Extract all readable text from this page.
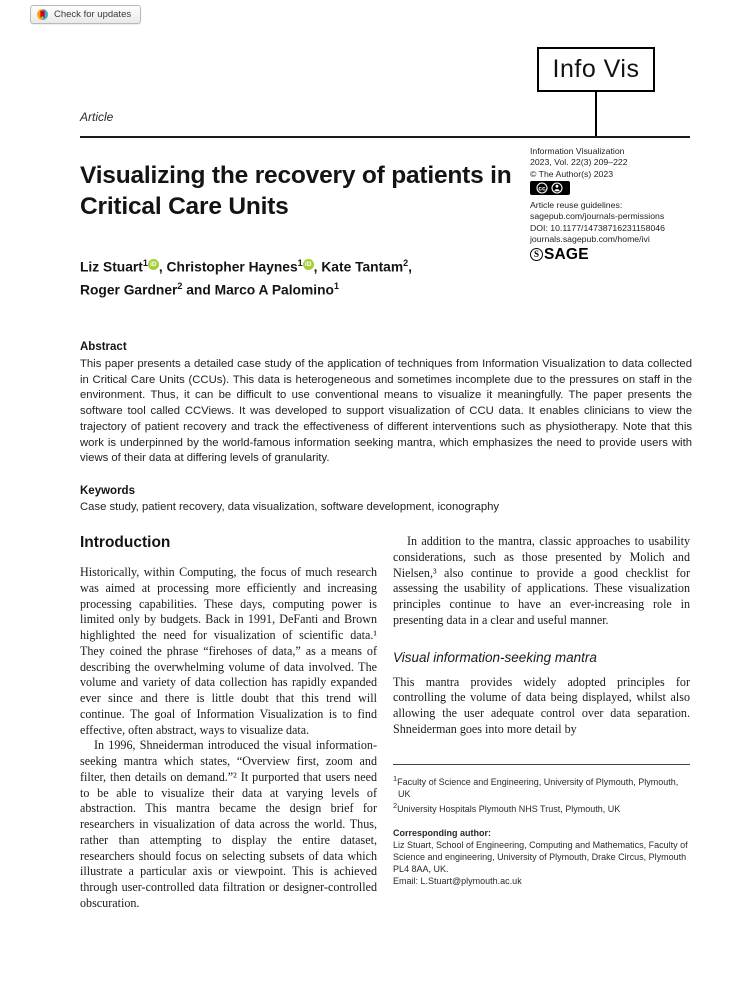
Check for updates
Info Vis
Article
Visualizing the recovery of patients in Critical Care Units
Information Visualization
2023, Vol. 22(3) 209–222
© The Author(s) 2023
cc
Article reuse guidelines:
sagepub.com/journals-permissions
DOI: 10.1177/14738716231158046
journals.sagepub.com/home/ivi
S SAGE
Liz Stuart$^1$ iD , Christopher Haynes$^1$ iD , Kate Tantam$^2$,
Roger Gardner$^2$ and Marco A Palomino$^1$
Abstract
This paper presents a detailed case study of the application of techniques from Information Visualization to data collected in Critical Care Units (CCUs). This data is heterogeneous and sometimes incomplete due to the pressures on staff in the environment. Thus, it can be difficult to use conventional means to visualize it meaningfully. The paper presents the software tool called CCViews. It was developed to support visualization of CCU data. It enables clinicians to view the trajectory of patient recovery and track the effectiveness of different interventions such as physiotherapy. Note that this work is underpinned by the world-famous information seeking mantra, which emphasizes the need to provide users with views of their data at differing levels of granularity.
Keywords
Case study, patient recovery, data visualization, software development, iconography
Introduction

Historically, within Computing, the focus of much research was aimed at processing more efficiently and increasing processing capabilities. These days, computing power is limited only by budgets. Back in 1991, DeFanti and Brown highlighted the need for visualization of scientific data.¹ They coined the phrase “firehoses of data,” as a means of describing the overwhelming volume of data involved. The volume and variety of data collection has rapidly expanded ever since and there is little doubt that this trend will continue. The goal of Information Visualization is to find effective, often abstract, ways to visualize data.

In 1996, Shneiderman introduced the visual information-seeking mantra which states, “Overview first, zoom and filter, then details on demand.”² It purported that users need to be able to visualize their data at varying levels of abstraction. This mantra became the design brief for researchers in visualization of data across the world. Thus, rather than attempting to display the entire dataset, researchers should focus on selecting subsets of data which illustrate a particular axis or viewpoint. This is achieved through user-controlled data filtration or designer-controlled obscuration.

In addition to the mantra, classic approaches to usability considerations, such as those presented by Molich and Nielsen,³ also continue to provide a good checklist for assessing the usability of applications. These visualization principles continue to have an ever-increasing role in presenting data in a clear and useful manner.

Visual information-seeking mantra

This mantra provides widely adopted principles for controlling the volume of data being displayed, whilst also allowing the user adequate control over data separation. Shneiderman goes into more detail by

$^1$Faculty of Science and Engineering, University of Plymouth, Plymouth, UK
$^2$University Hospitals Plymouth NHS Trust, Plymouth, UK
Corresponding author:
Liz Stuart, School of Engineering, Computing and Mathematics, Faculty of Science and engineering, University of Plymouth, Drake Circus, Plymouth PL4 8AA, UK.
Email: L.Stuart@plymouth.ac.uk
